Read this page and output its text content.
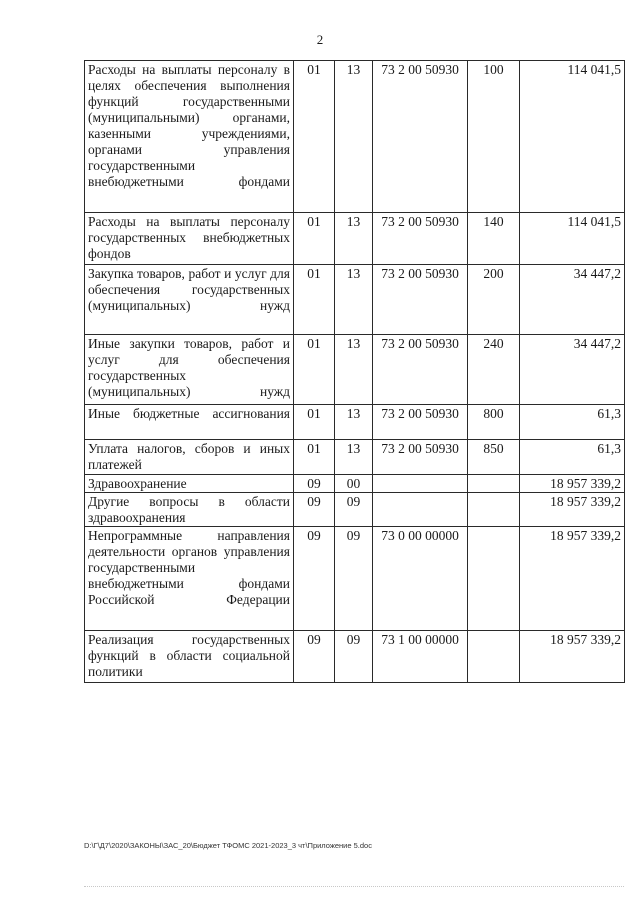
2
Расходы на выплаты персоналу в целях обеспечения выполнения функций государственными (муниципальными) органами, казенными учреждениями, органами управления государственными внебюджетными фондами	01	13	73 2 00 50930	100	114 041,5
Расходы на выплаты персоналу государственных внебюджетных фондов	01	13	73 2 00 50930	140	114 041,5
Закупка товаров, работ и услуг для обеспечения государственных (муниципальных) нужд	01	13	73 2 00 50930	200	34 447,2
Иные закупки товаров, работ и услуг для обеспечения государственных (муниципальных) нужд	01	13	73 2 00 50930	240	34 447,2
Иные бюджетные ассигнования	01	13	73 2 00 50930	800	61,3
Уплата налогов, сборов и иных платежей	01	13	73 2 00 50930	850	61,3
Здравоохранение	09	00			18 957 339,2
Другие вопросы в области здравоохранения	09	09			18 957 339,2
Непрограммные направления деятельности органов управления государственными внебюджетными фондами Российской Федерации	09	09	73 0 00 00000		18 957 339,2
Реализация государственных функций в области социальной политики	09	09	73 1 00 00000		18 957 339,2
D:\Г\Д7\2020\ЗАКОНЫ\ЗАС_20\Бюджет ТФОМС 2021-2023_3 чт\Приложение 5.doc
